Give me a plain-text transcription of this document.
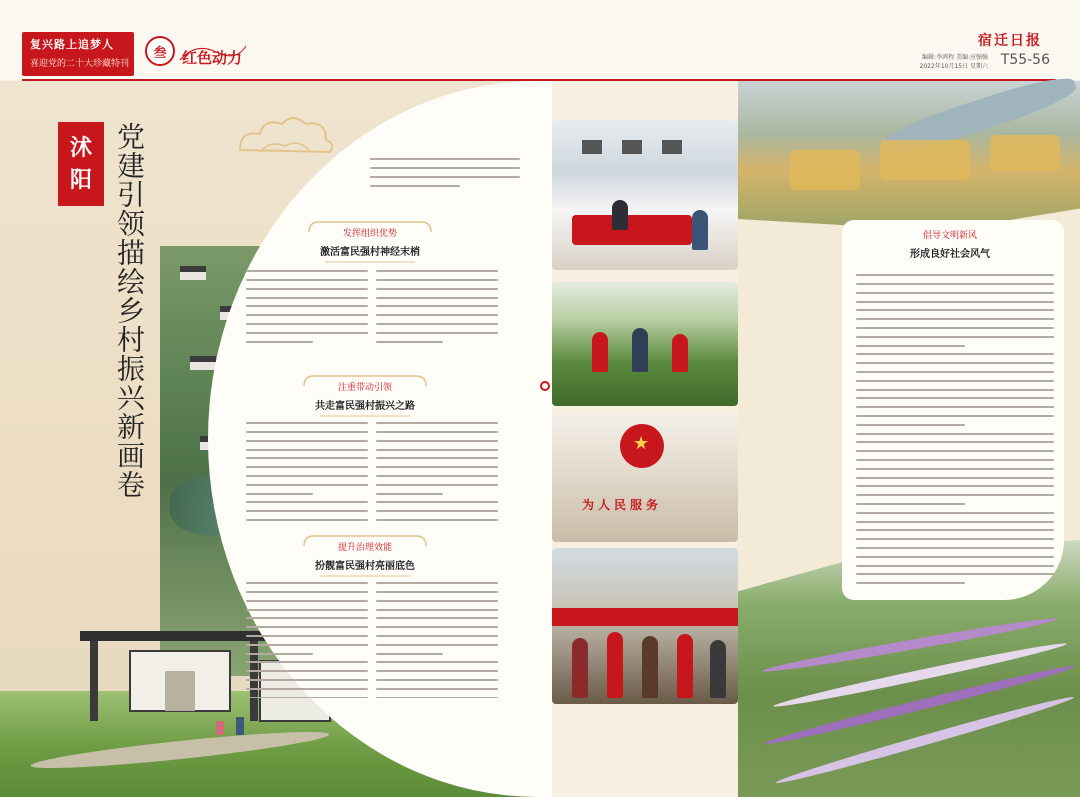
复兴路上追梦人
喜迎党的二十大珍藏特刊
叁	红色动力
宿迁日报
编辑:李鸿程 美编:应强强
2022年10月15日 星期六 T55-56
沭
阳 党建引领描绘乡村振兴新画卷	发挥组织优势
激活富民强村神经末梢
注重带动引领
共走富民强村振兴之路
提升治理效能
扮靓富民强村亮丽底色
★
为人民服务
倡导文明新风
形成良好社会风气
